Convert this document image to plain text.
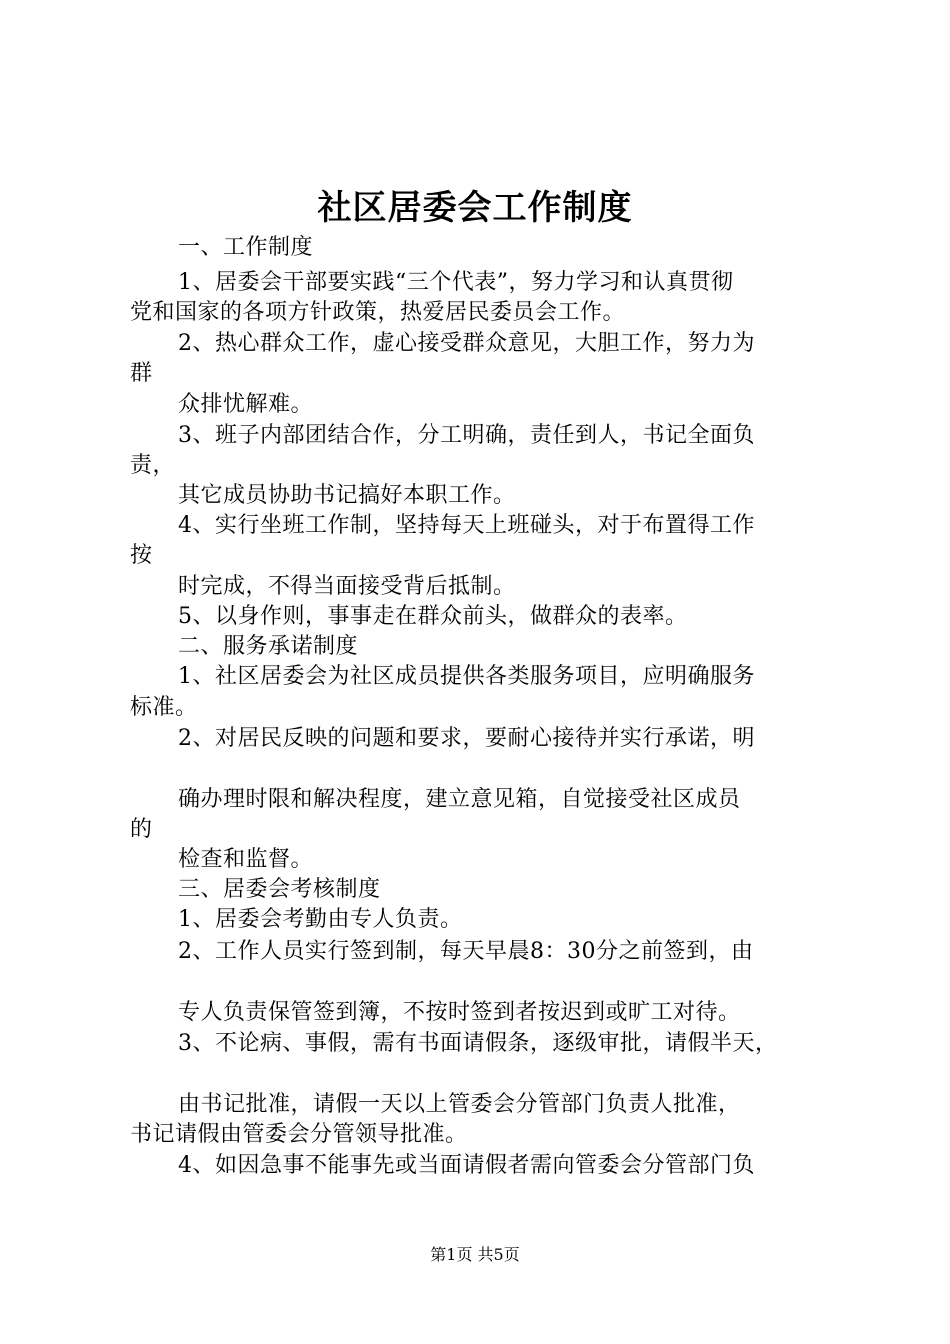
社区居委会工作制度
一、工作制度
1、居委会干部要实践“三个代表”，努力学习和认真贯彻
党和国家的各项方针政策，热爱居民委员会工作。
2、热心群众工作，虚心接受群众意见，大胆工作，努力为
群
众排忧解难。
3、班子内部团结合作，分工明确，责任到人，书记全面负
责，
其它成员协助书记搞好本职工作。
4、实行坐班工作制，坚持每天上班碰头，对于布置得工作
按
时完成，不得当面接受背后抵制。
5、以身作则，事事走在群众前头，做群众的表率。
二、服务承诺制度
1、社区居委会为社区成员提供各类服务项目，应明确服务
标准。
2、对居民反映的问题和要求，要耐心接待并实行承诺，明
确办理时限和解决程度，建立意见箱，自觉接受社区成员
的
检查和监督。
三、居委会考核制度
1、居委会考勤由专人负责。
2、工作人员实行签到制，每天早晨8：30分之前签到，由
专人负责保管签到簿，不按时签到者按迟到或旷工对待。
3、不论病、事假，需有书面请假条，逐级审批，请假半天，
由书记批准，请假一天以上管委会分管部门负责人批准，
书记请假由管委会分管领导批准。
4、如因急事不能事先或当面请假者需向管委会分管部门负
第1页 共5页
